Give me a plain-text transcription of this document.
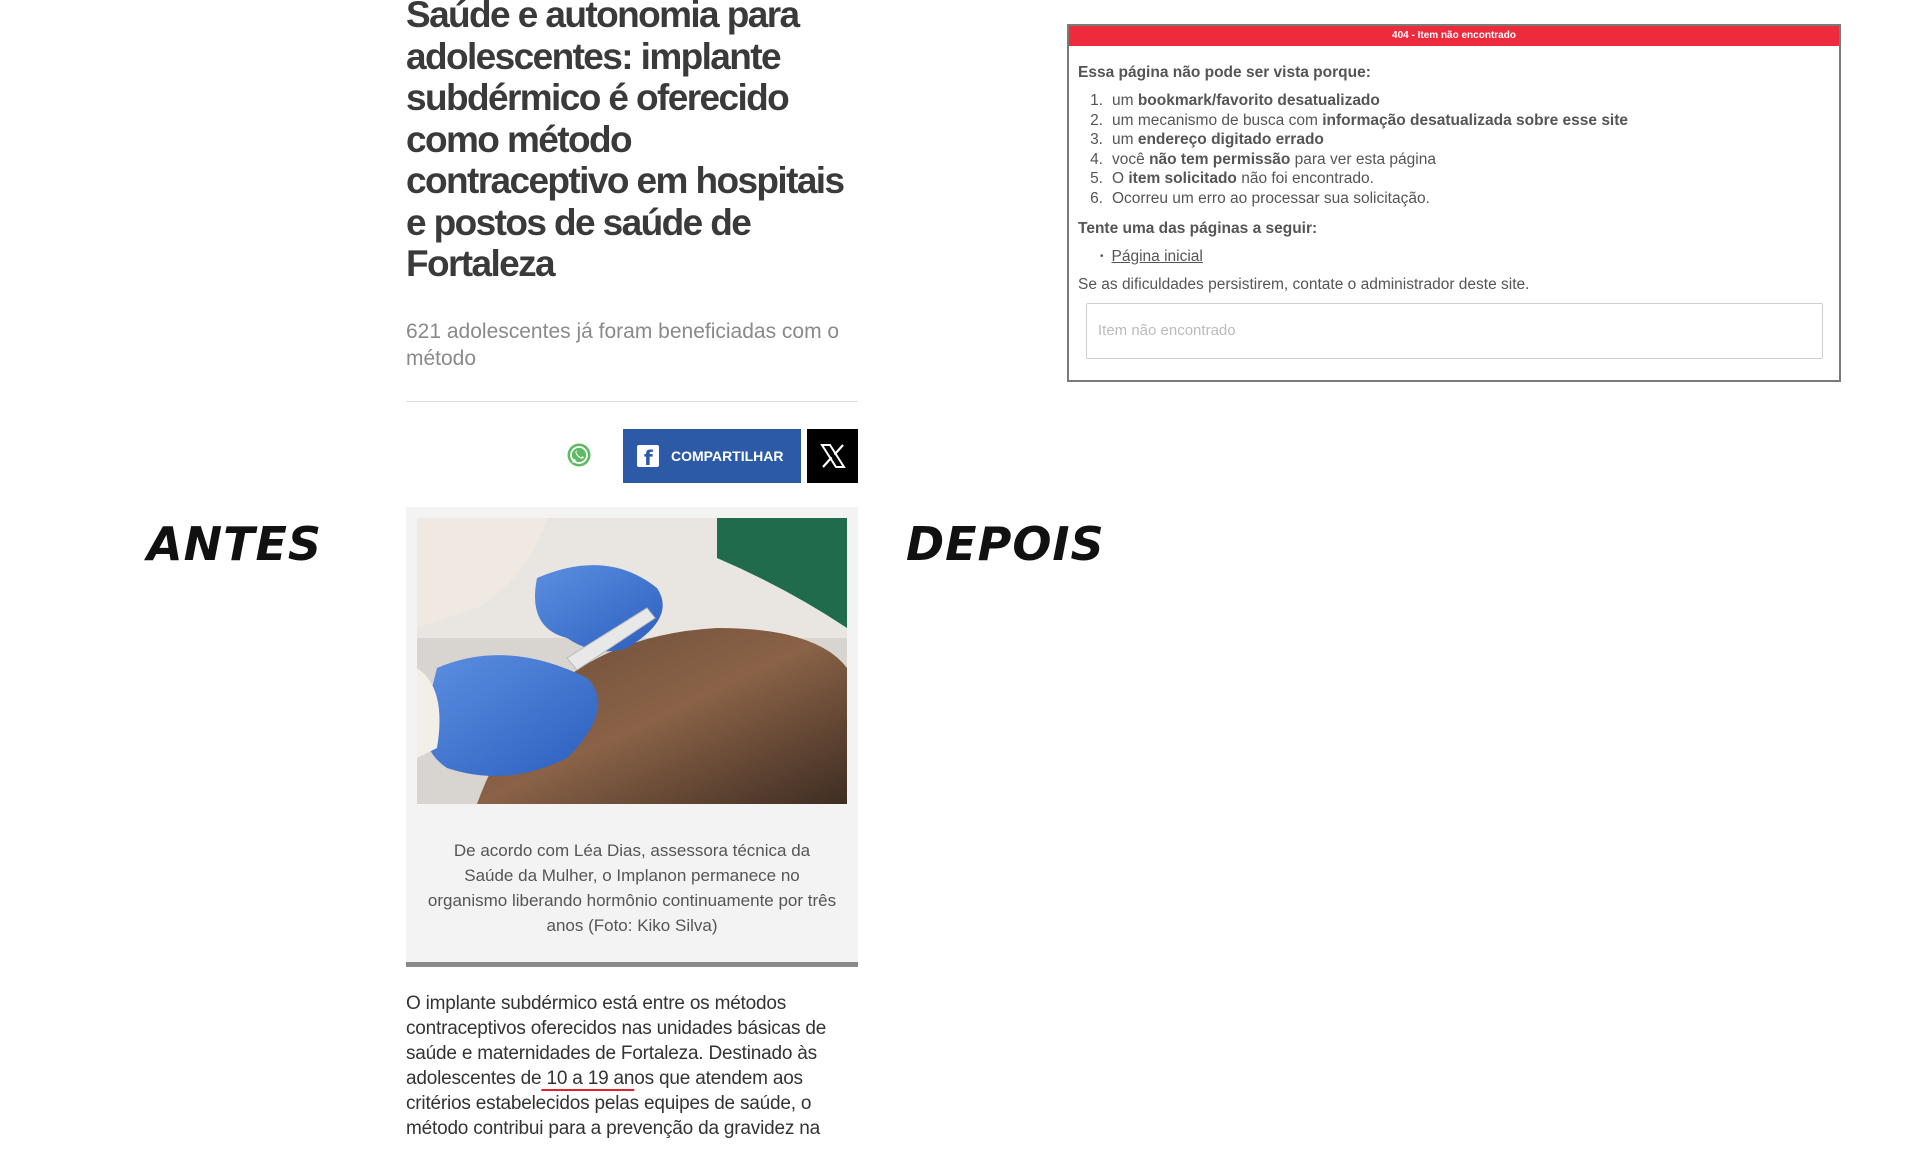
ANTES	DEPOIS
Saúde e autonomia para adolescentes: implante subdérmico é oferecido como método contraceptivo em hospitais e postos de saúde de Fortaleza
621 adolescentes já foram beneficiadas com o método
f COMPARTILHAR
De acordo com Léa Dias, assessora técnica da Saúde da Mulher, o Implanon permanece no organismo liberando hormônio continuamente por três anos (Foto: Kiko Silva)

O implante subdérmico está entre os métodos contraceptivos oferecidos nas unidades básicas de saúde e maternidades de Fortaleza. Destinado às adolescentes de 10 a 19 anos que atendem aos critérios estabelecidos pelas equipes de saúde, o método contribui para a prevenção da gravidez na

404 - Item não encontrado
Essa página não pode ser vista porque:
1. um bookmark/favorito desatualizado
2. um mecanismo de busca com informação desatualizada sobre esse site
3. um endereço digitado errado
4. você não tem permissão para ver esta página
5. O item solicitado não foi encontrado.
6. Ocorreu um erro ao processar sua solicitação.
Tente uma das páginas a seguir:
• Página inicial
Se as dificuldades persistirem, contate o administrador deste site.
Item não encontrado
